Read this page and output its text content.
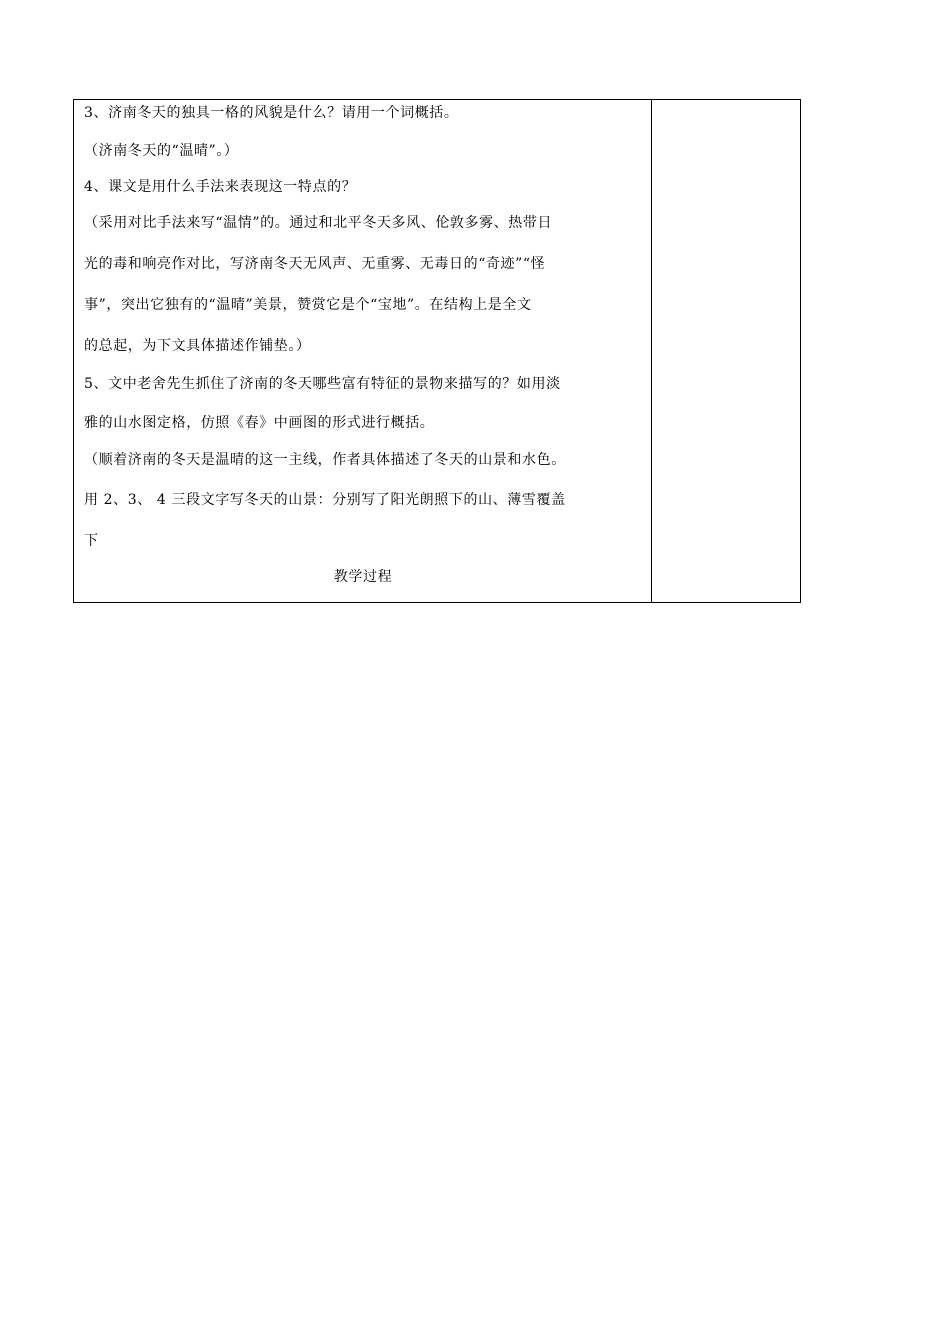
3、济南冬天的独具一格的风貌是什么？请用一个词概括。
（济南冬天的“温晴”。）
4、课文是用什么手法来表现这一特点的？
（采用对比手法来写“温情”的。通过和北平冬天多风、伦敦多雾、热带日
光的毒和响亮作对比，写济南冬天无风声、无重雾、无毒日的“奇迹”“怪
事”，突出它独有的“温晴”美景，赞赏它是个“宝地”。在结构上是全文
的总起，为下文具体描述作铺垫。）
5、文中老舍先生抓住了济南的冬天哪些富有特征的景物来描写的？如用淡
雅的山水图定格，仿照《春》中画图的形式进行概括。
（顺着济南的冬天是温晴的这一主线，作者具体描述了冬天的山景和水色。
用 2、3、 4 三段文字写冬天的山景：分别写了阳光朗照下的山、薄雪覆盖
下
教学过程
